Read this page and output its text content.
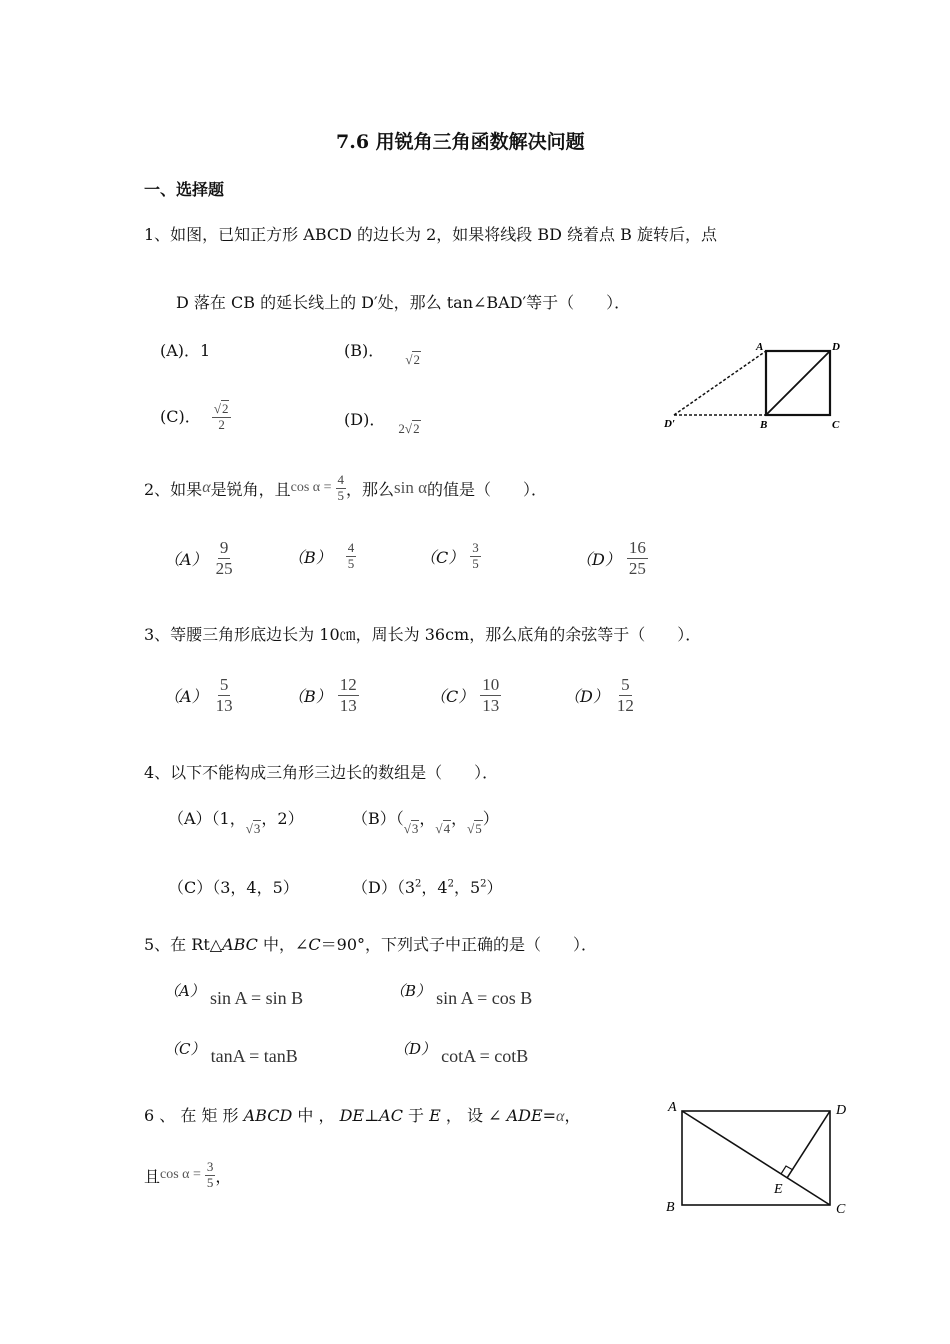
7.6 用锐角三角函数解决问题
一、选择题
1、如图，已知正方形 ABCD 的边长为 2，如果将线段 BD 绕着点 B 旋转后，点
D 落在 CB 的延长线上的 D′处，那么 tan∠BAD′等于（　　）．
(A)．1	(B)． $_{√2}$
(C)． $\frac{√2}{2}$	(D)． $_{2√2}$
A	D
D′	B	C
2、如果 α 是锐角，且 $\cos \alpha = \frac{4}{5}$ ，那么 sin α 的值是（　　）．
$(A) \frac{9}{25}$	$(B) \frac{4}{5}$	$(C) \frac{3}{5}$	$(D) \frac{16}{25}$
3、等腰三角形底边长为 10㎝，周长为 36cm，那么底角的余弦等于（　　）．
$(A) \frac{5}{13}$	$(B) \frac{12}{13}$	$(C) \frac{10}{13}$	$(D) \frac{5}{12}$
4、以下不能构成三角形三边长的数组是（　　）．
（A）（1，$_{√3}$，2）	$(B)(_{√3}$，$_{√4}$，$_{√5}$）
（C）（3，4，5）	$(D)(3^2$，$4^2$，$5^2$）
5、在 Rt△ABC 中，∠C＝90°，下列式子中正确的是（　　）．
（A） sin A = sin B	（B） sin A = cos B
（C） tanA = tanB	（D） cotA = cotB
6 、 在 矩 形 ABCD 中 ， DE⊥AC 于 E ， 设 ∠ ADE=α，
且 $\cos \alpha = \frac{3}{5}$ ，
A	D
B	C
E
